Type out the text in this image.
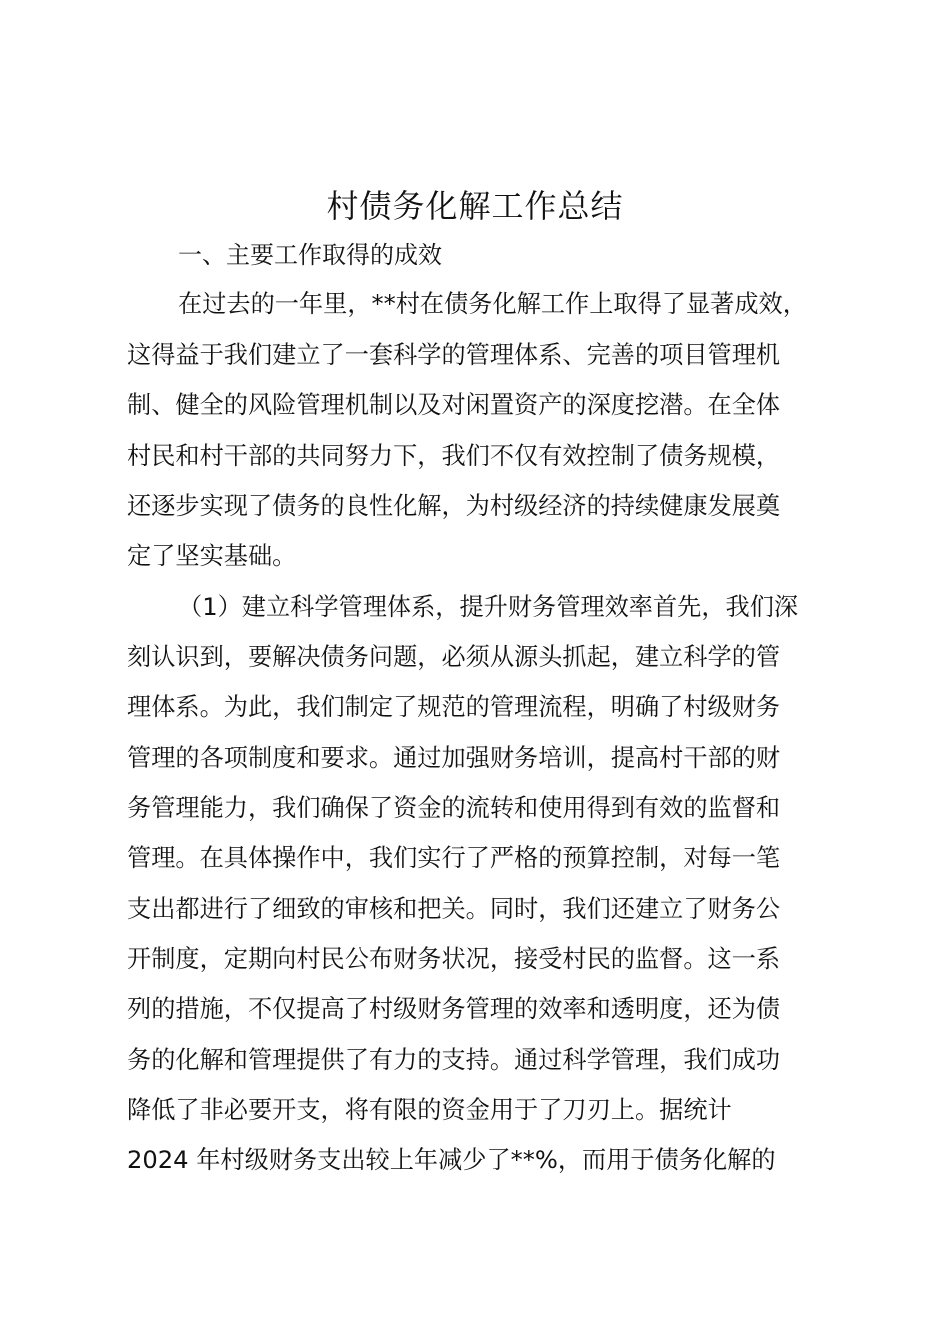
村债务化解工作总结

一、主要工作取得的成效

在过去的一年里，**村在债务化解工作上取得了显著成效，

这得益于我们建立了一套科学的管理体系、完善的项目管理机

制、健全的风险管理机制以及对闲置资产的深度挖潜。在全体

村民和村干部的共同努力下，我们不仅有效控制了债务规模，

还逐步实现了债务的良性化解，为村级经济的持续健康发展奠

定了坚实基础。

（1）建立科学管理体系，提升财务管理效率首先，我们深

刻认识到，要解决债务问题，必须从源头抓起，建立科学的管

理体系。为此，我们制定了规范的管理流程，明确了村级财务

管理的各项制度和要求。通过加强财务培训，提高村干部的财

务管理能力，我们确保了资金的流转和使用得到有效的监督和

管理。在具体操作中，我们实行了严格的预算控制，对每一笔

支出都进行了细致的审核和把关。同时，我们还建立了财务公

开制度，定期向村民公布财务状况，接受村民的监督。这一系

列的措施，不仅提高了村级财务管理的效率和透明度，还为债

务的化解和管理提供了有力的支持。通过科学管理，我们成功

降低了非必要开支，将有限的资金用于了刀刃上。据统计

2024 年村级财务支出较上年减少了**%，而用于债务化解的
